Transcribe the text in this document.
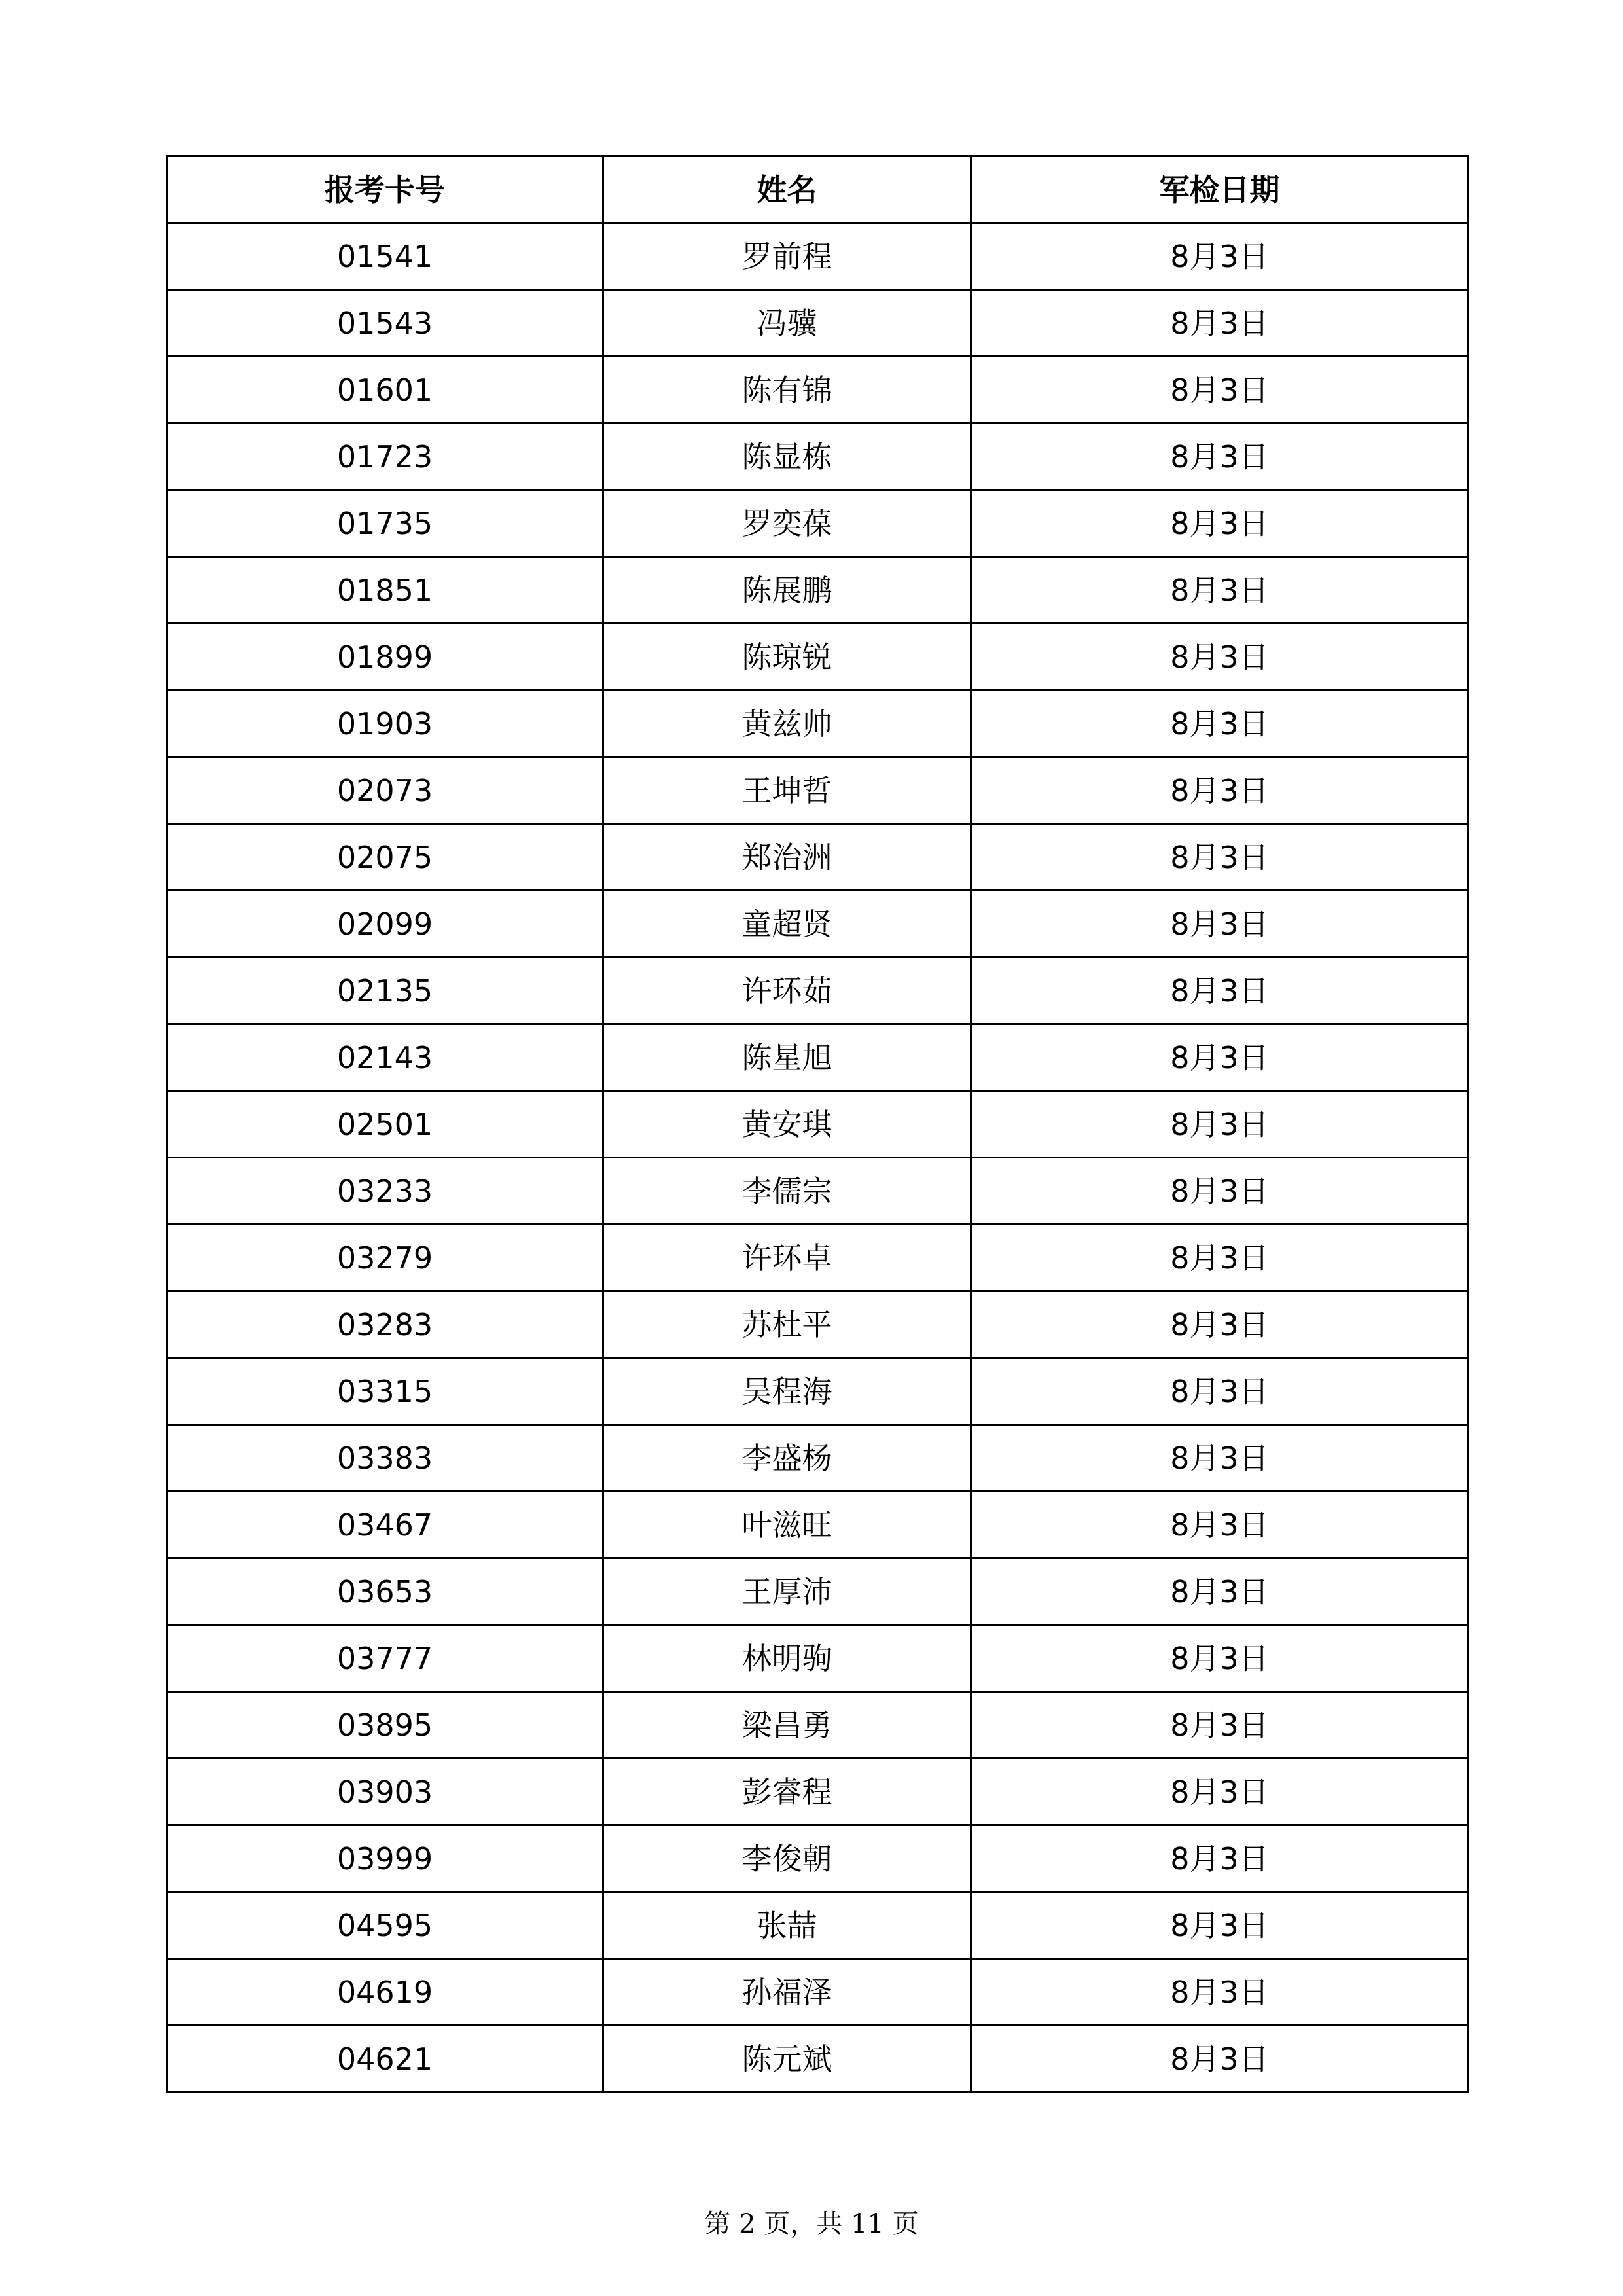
报考卡号	姓名	军检日期
01541	罗前程	8月3日
01543	冯骥	8月3日
01601	陈有锦	8月3日
01723	陈显栋	8月3日
01735	罗奕葆	8月3日
01851	陈展鹏	8月3日
01899	陈琼锐	8月3日
01903	黄兹帅	8月3日
02073	王坤哲	8月3日
02075	郑治洲	8月3日
02099	童超贤	8月3日
02135	许环茹	8月3日
02143	陈星旭	8月3日
02501	黄安琪	8月3日
03233	李儒宗	8月3日
03279	许环卓	8月3日
03283	苏杜平	8月3日
03315	吴程海	8月3日
03383	李盛杨	8月3日
03467	叶滋旺	8月3日
03653	王厚沛	8月3日
03777	林明驹	8月3日
03895	梁昌勇	8月3日
03903	彭睿程	8月3日
03999	李俊朝	8月3日
04595	张喆	8月3日
04619	孙福泽	8月3日
04621	陈元斌	8月3日
第 2 页，共 11 页
